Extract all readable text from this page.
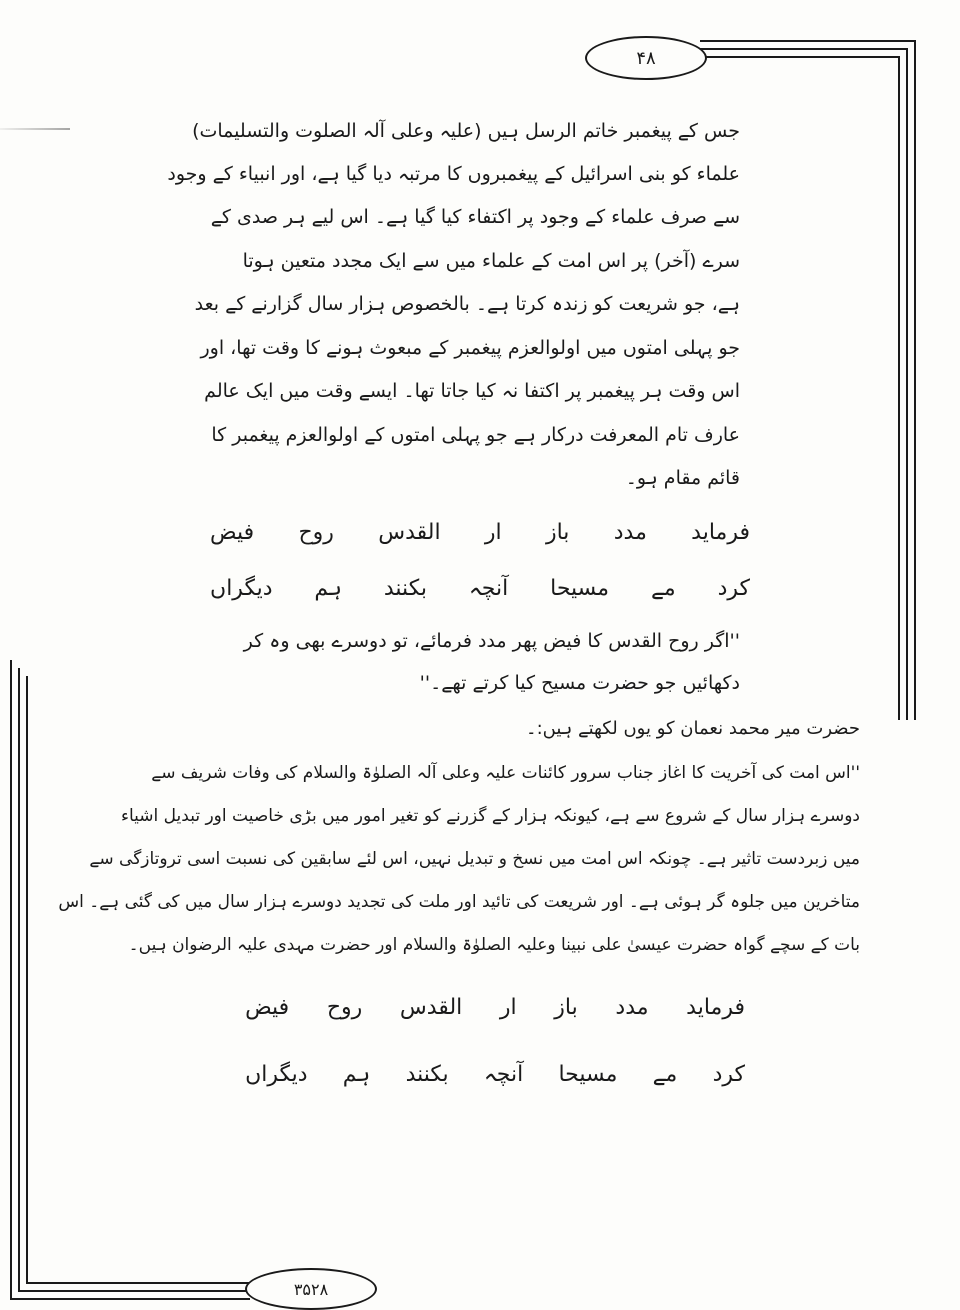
۴۸
۳۵۲۸
جس کے پیغمبر خاتم الرسل ہیں (علیہ وعلی آلہ الصلوت والتسلیمات)
علماء کو بنی اسرائیل کے پیغمبروں کا مرتبہ دیا گیا ہے، اور انبیاء کے وجود
سے صرف علماء کے وجود پر اکتفاء کیا گیا ہے۔ اس لیے ہر صدی کے
سرے (آخر) پر اس امت کے علماء میں سے ایک مجدد متعین ہوتا
ہے، جو شریعت کو زندہ کرتا ہے۔ بالخصوص ہزار سال گزارنے کے بعد
جو پہلی امتوں میں اولوالعزم پیغمبر کے مبعوث ہونے کا وقت تھا، اور
اس وقت ہر پیغمبر پر اکتفا نہ کیا جاتا تھا۔ ایسے وقت میں ایک عالم
عارف تام المعرفت درکار ہے جو پہلی امتوں کے اولوالعزم پیغمبر کا
قائم مقام ہو۔
فیض روح القدس ار باز مدد فرماید
دیگراں ہم بکنند آنچہ مسیحا مے کرد
''اگر روح القدس کا فیض پھر مدد فرمائے، تو دوسرے بھی وہ کر
دکھائیں جو حضرت مسیح کیا کرتے تھے۔''
حضرت میر محمد نعمان کو یوں لکھتے ہیں:۔
''اس امت کی آخریت کا اغاز جناب سرور کائنات علیہ وعلی آلہ الصلوٰۃ والسلام کی وفات شریف سے
دوسرے ہزار سال کے شروع سے ہے، کیونکہ ہزار کے گزرنے کو تغیر امور میں بڑی خاصیت اور تبدیل اشیاء
میں زبردست تاثیر ہے۔ چونکہ اس امت میں نسخ و تبدیل نہیں، اس لئے سابقین کی نسبت اسی تروتازگی سے
متاخرین میں جلوہ گر ہوئی ہے۔ اور شریعت کی تائید اور ملت کی تجدید دوسرے ہزار سال میں کی گئی ہے۔ اس
بات کے سچے گواہ حضرت عیسیٰ علی نبینا وعلیہ الصلوٰۃ والسلام اور حضرت مہدی علیہ الرضوان ہیں۔
فیض روح القدس ار باز مدد فرماید
دیگراں ہم بکنند آنچہ مسیحا مے کرد
